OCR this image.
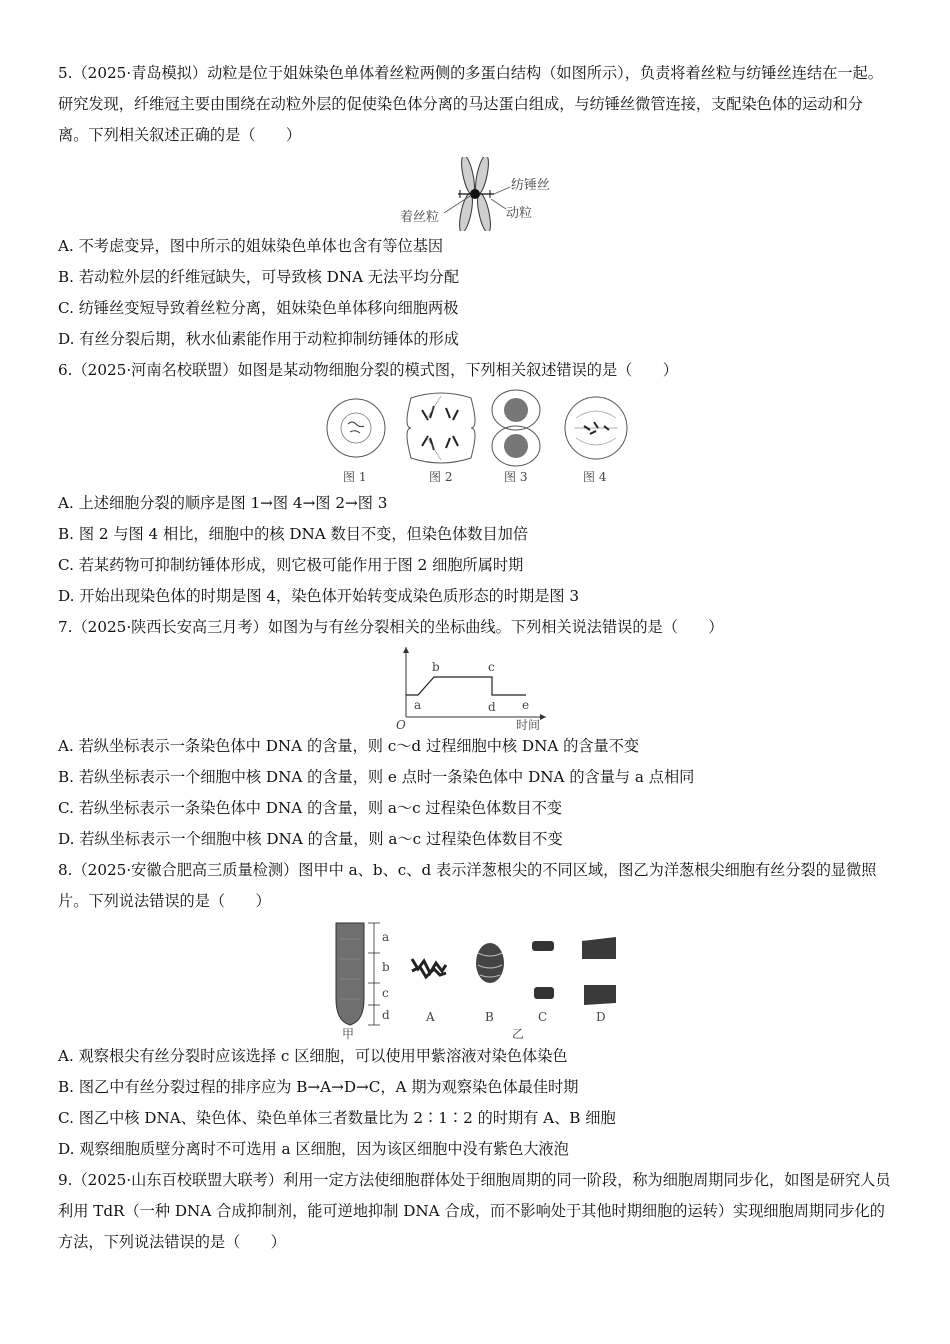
5.（2025·青岛模拟）动粒是位于姐妹染色单体着丝粒两侧的多蛋白结构（如图所示），负责将着丝粒与纺锤丝连结在一起。研究发现，纤维冠主要由围绕在动粒外层的促使染色体分离的马达蛋白组成，与纺锤丝微管连接，支配染色体的运动和分离。下列相关叙述正确的是（　　）

纺锤丝
动粒
着丝粒

A. 不考虑变异，图中所示的姐妹染色单体也含有等位基因

B. 若动粒外层的纤维冠缺失，可导致核 DNA 无法平均分配

C. 纺锤丝变短导致着丝粒分离，姐妹染色单体移向细胞两极

D. 有丝分裂后期，秋水仙素能作用于动粒抑制纺锤体的形成

6.（2025·河南名校联盟）如图是某动物细胞分裂的模式图，下列相关叙述错误的是（　　）

图 1	图 2	图 3	图 4

A. 上述细胞分裂的顺序是图 1→图 4→图 2→图 3

B. 图 2 与图 4 相比，细胞中的核 DNA 数目不变，但染色体数目加倍

C. 若某药物可抑制纺锤体形成，则它极可能作用于图 2 细胞所属时期

D. 开始出现染色体的时期是图 4，染色体开始转变成染色质形态的时期是图 3

7.（2025·陕西长安高三月考）如图为与有丝分裂相关的坐标曲线。下列相关说法错误的是（　　）

O
a
b	c
d e
时间

A. 若纵坐标表示一条染色体中 DNA 的含量，则 c～d 过程细胞中核 DNA 的含量不变

B. 若纵坐标表示一个细胞中核 DNA 的含量，则 e 点时一条染色体中 DNA 的含量与 a 点相同

C. 若纵坐标表示一条染色体中 DNA 的含量，则 a～c 过程染色体数目不变

D. 若纵坐标表示一个细胞中核 DNA 的含量，则 a～c 过程染色体数目不变

8.（2025·安徽合肥高三质量检测）图甲中 a、b、c、d 表示洋葱根尖的不同区域，图乙为洋葱根尖细胞有丝分裂的显微照片。下列说法错误的是（　　）

a
b
c
d
甲
A	B	C	D
乙

A. 观察根尖有丝分裂时应该选择 c 区细胞，可以使用甲紫溶液对染色体染色

B. 图乙中有丝分裂过程的排序应为 B→A→D→C，A 期为观察染色体最佳时期

C. 图乙中核 DNA、染色体、染色单体三者数量比为 2∶1∶2 的时期有 A、B 细胞

D. 观察细胞质壁分离时不可选用 a 区细胞，因为该区细胞中没有紫色大液泡

9.（2025·山东百校联盟大联考）利用一定方法使细胞群体处于细胞周期的同一阶段，称为细胞周期同步化，如图是研究人员利用 TdR（一种 DNA 合成抑制剂，能可逆地抑制 DNA 合成，而不影响处于其他时期细胞的运转）实现细胞周期同步化的方法，下列说法错误的是（　　）
